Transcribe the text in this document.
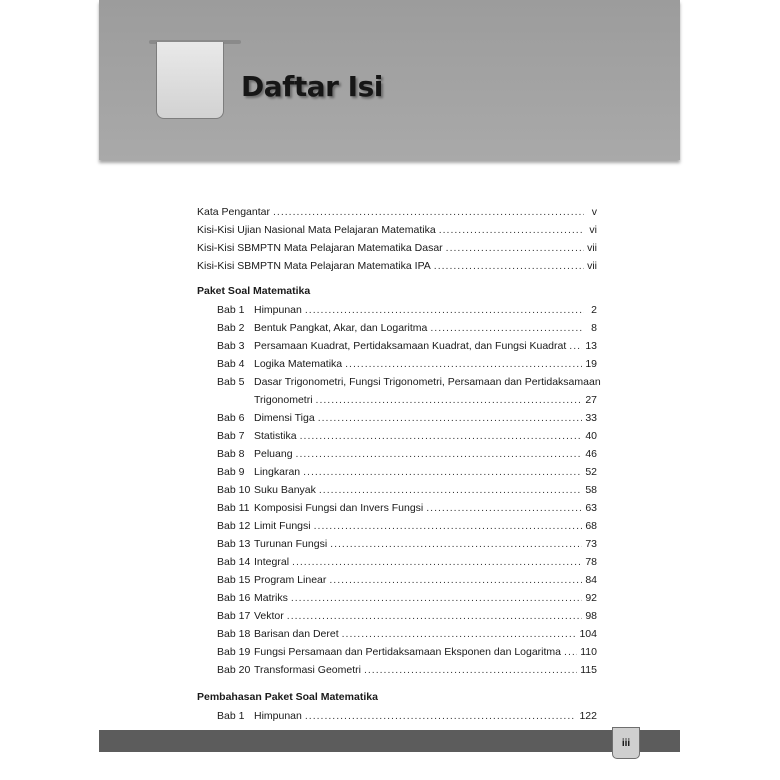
Daftar Isi
Kata Pengantar .....	v
Kisi-Kisi Ujian Nasional Mata Pelajaran Matematika .....	vi
Kisi-Kisi SBMPTN Mata Pelajaran Matematika Dasar .....	vii
Kisi-Kisi SBMPTN Mata Pelajaran Matematika IPA .....	vii
Paket Soal Matematika
Bab 1 Himpunan .....	2
Bab 2 Bentuk Pangkat, Akar, dan Logaritma .....	8
Bab 3 Persamaan Kuadrat, Pertidaksamaan Kuadrat, dan Fungsi Kuadrat ..... 13
Bab 4 Logika Matematika .....	19
Bab 5 Dasar Trigonometri, Fungsi Trigonometri, Persamaan dan Pertidaksamaan
Trigonometri .....	27
Bab 6 Dimensi Tiga .....	33
Bab 7 Statistika .....	40
Bab 8 Peluang .....	46
Bab 9 Lingkaran .....	52
Bab 10 Suku Banyak .....	58
Bab 11 Komposisi Fungsi dan Invers Fungsi .....	63
Bab 12 Limit Fungsi .....	68
Bab 13 Turunan Fungsi .....	73
Bab 14 Integral .....	78
Bab 15 Program Linear .....	84
Bab 16 Matriks .....	92
Bab 17 Vektor .....	98
Bab 18 Barisan dan Deret .....	104
Bab 19 Fungsi Persamaan dan Pertidaksamaan Eksponen dan Logaritma ..... 110
Bab 20 Transformasi Geometri .....	115
Pembahasan Paket Soal Matematika
Bab 1 Himpunan .....	122
iii
